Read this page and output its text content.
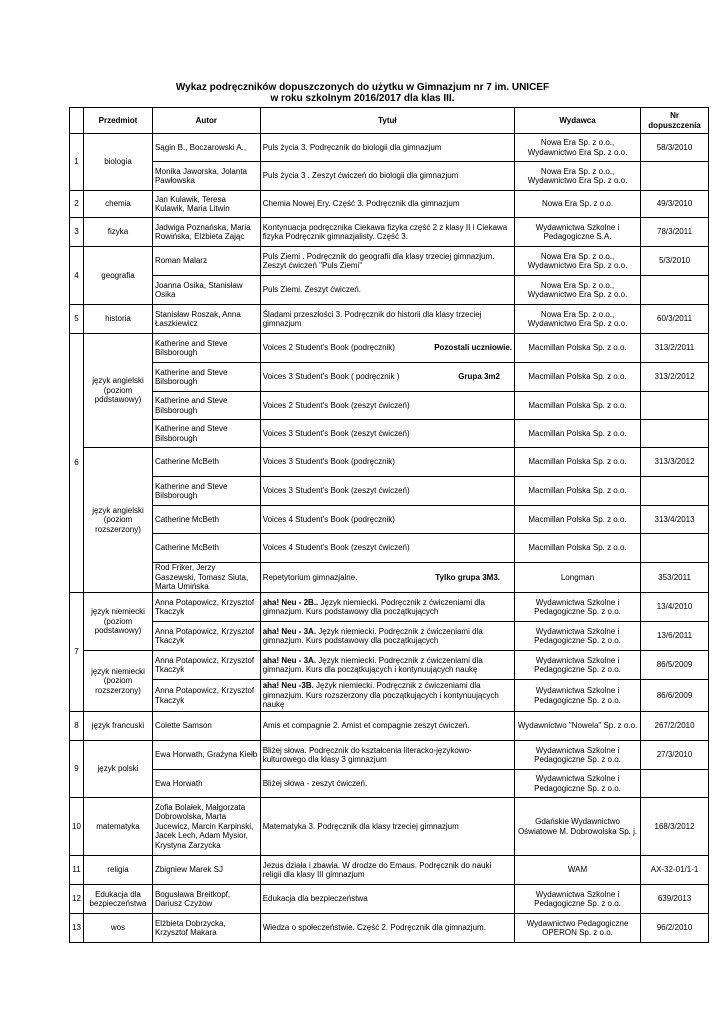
Wykaz podręczników dopuszczonych do użytku w Gimnazjum nr 7 im. UNICEF
w roku szkolnym 2016/2017 dla klas III.
	Przedmiot	Autor	Tytuł	Wydawca	Nr dopuszczenia
1	biologia	Sągin B., Boczarowski A.,	Puls życia 3. Podręcznik do biologii dla gimnazjum	Nowa Era Sp. z o.o., Wydawnictwo Era Sp. z o.o.	58/3/2010
		Monika Jaworska, Jolanta Pawłowska	Puls życia 3 . Zeszyt ćwiczeń do biologii dla gimnazjum	Nowa Era Sp. z o.o., Wydawnictwo Era Sp. z o.o.	
2	chemia	Jan Kulawik, Teresa Kulawik, Maria Litwin	Chemia Nowej Ery. Część 3. Podręcznik dla gimnazjum	Nowa Era Sp. z o.o.	49/3/2010
3	fizyka	Jadwiga Poznańska, Maria Rowińska, Elżbieta Zając	Kontynuacja podręcznika Ciekawa fizyka część 2 z klasy II i Ciekawa fizyka Podręcznik gimnazjalisty. Część 3.	Wydawnictwa Szkolne i Pedagogiczne S.A.	78/3/2011
4	geografia	Roman Malarz	Puls Ziemi . Podręcznik do geografii dla klasy trzeciej gimnazjum. Zeszyt ćwiczeń "Puls Ziemi"	Nowa Era Sp. z o.o., Wydawnictwo Era Sp. z o.o.	5/3/2010
		Joanna Osika, Stanisław Osika	Puls Ziemi. Zeszyt ćwiczeń.	Nowa Era Sp. z o.o., Wydawnictwo Era Sp. z o.o.	
5	historia	Stanisław Roszak, Anna Łaszkiewicz	Śladami przeszłości 3. Podręcznik do historii dla klasy trzeciej gimnazjum	Nowa Era Sp. z o.o., Wydawnictwo Era Sp. z o.o.	60/3/2011
6	język angielski (poziom pddstawowy)	Katherine and Steve Bilsborough	Voices 2 Student's Book (podręcznik) Pozostali uczniowie.	Macmillan Polska Sp. z o.o.	313/2/2011
		Katherine and Steve Bilsborough	Voices 3 Student's Book ( podręcznik ) Grupa 3m2	Macmillan Polska Sp. z o.o.	313/2/2012
		Katherine and Steve Bilsborough	Voices 2 Student's Book (zeszyt ćwiczeń)	Macmillan Polska Sp. z o.o.	
		Katherine and Steve Bilsborough	Voices 3 Student's Book (zeszyt ćwiczeń)	Macmillan Polska Sp. z o.o.	
	język angielski (poziom rozszerzony)	Catherine McBeth	Voices 3 Student's Book (podręcznik)	Macmillan Polska Sp. z o.o.	313/3/2012
		Katherine and Steve Bilsborough	Voices 3 Student's Book (zeszyt ćwiczeń)	Macmillan Polska Sp. z o.o.	
		Catherine McBeth	Voices 4 Student's Book (podręcznik)	Macmillan Polska Sp. z o.o.	313/4/2013
		Catherine McBeth	Voices 4 Student's Book (zeszyt ćwiczeń)	Macmillan Polska Sp. z o.o.	
		Rod Friker, Jerzy Gaszewski, Tomasz Siuta, Marta Umińska	Repetytorium gimnazjalne. Tylko grupa 3M3.	Longman	353/2011
7	język niemiecki (poziom podstawowy)	Anna Potapowicz, Krzysztof Tkaczyk	aha! Neu - 2B.. Język niemiecki. Podręcznik z ćwiczeniami dla gimnazjum. Kurs podstawowy dla początkujących	Wydawnictwa Szkolne i Pedagogiczne Sp. z o.o.	13/4/2010
		Anna Potapowicz, Krzysztof Tkaczyk	aha! Neu - 3A. Język niemiecki. Podręcznik z ćwiczeniami dla gimnazjum. Kurs podstawowy dla początkujących	Wydawnictwa Szkolne i Pedagogiczne Sp. z o.o.	13/6/2011
	język niemiecki (poziom rozszerzony)	Anna Potapowicz, Krzysztof Tkaczyk	aha! Neu - 3A. Język niemiecki. Podręcznik z ćwiczeniami dla gimnazjum. Kurs dla początkujących i kontynuujących naukę	Wydawnictwa Szkolne i Pedagogiczne Sp. z o.o.	86/5/2009
		Anna Potapowicz, Krzysztof Tkaczyk	aha! Neu -3B. Język niemiecki. Podręcznik z ćwiczeniami dla gimnazjum. Kurs rozszerzony dla początkujących i kontynuujących naukę	Wydawnictwa Szkolne i Pedagogiczne Sp. z o.o.	86/6/2009
8	język francuski	Colette Samson	Amis et compagnie 2. Amist et compagnie zeszyt ćwiczeń.	Wydawnictwo "Nowela" Sp. z o.o.	267/2/2010
9	język polski	Ewa Horwath, Grażyna Kiełb	Bliżej słowa. Podręcznik do kształcenia literacko-językowo-kulturowego dla klasy 3 gimnazjum	Wydawnictwa Szkolne i Pedagogiczne Sp. z o.o.	27/3/2010
		Ewa Horwath	Bliżej słowa - zeszyt ćwiczeń.	Wydawnictwa Szkolne i Pedagogiczne Sp. z o.o.	
10	matematyka	Zofia Bolałek, Małgorzata Dobrowolska, Marta Jucewicz, Marcin Karpinski, Jacek Lech, Adam Mysior, Krystyna Zarzycka	Matematyka 3. Podręcznik dla klasy trzeciej gimnazjum	Gdańskie Wydawnictwo Oświatowe M. Dobrowolska Sp. j.	168/3/2012
11	religia	Zbigniew Marek SJ	Jezus działa i zbawia. W drodze do Emaus. Podręcznik do nauki religii dla klasy III gimnazjum	WAM	AX-32-01/1-1
12	Edukacja dla bezpieczeństwa	Bogusława Breitkopf, Dariusz Czyżow	Edukacja dla bezpieczeństwa	Wydawnictwa Szkolne i Pedagogiczne Sp. z o.o.	639/2013
13	wos	Elżbieta Dobrzycka, Krzysztof Makara	Wiedza o społeczeństwie. Część 2. Podręcznik dla gimnazjum.	Wydawnictwo Pedagogiczne OPERON Sp. z o.o.	96/2/2010
